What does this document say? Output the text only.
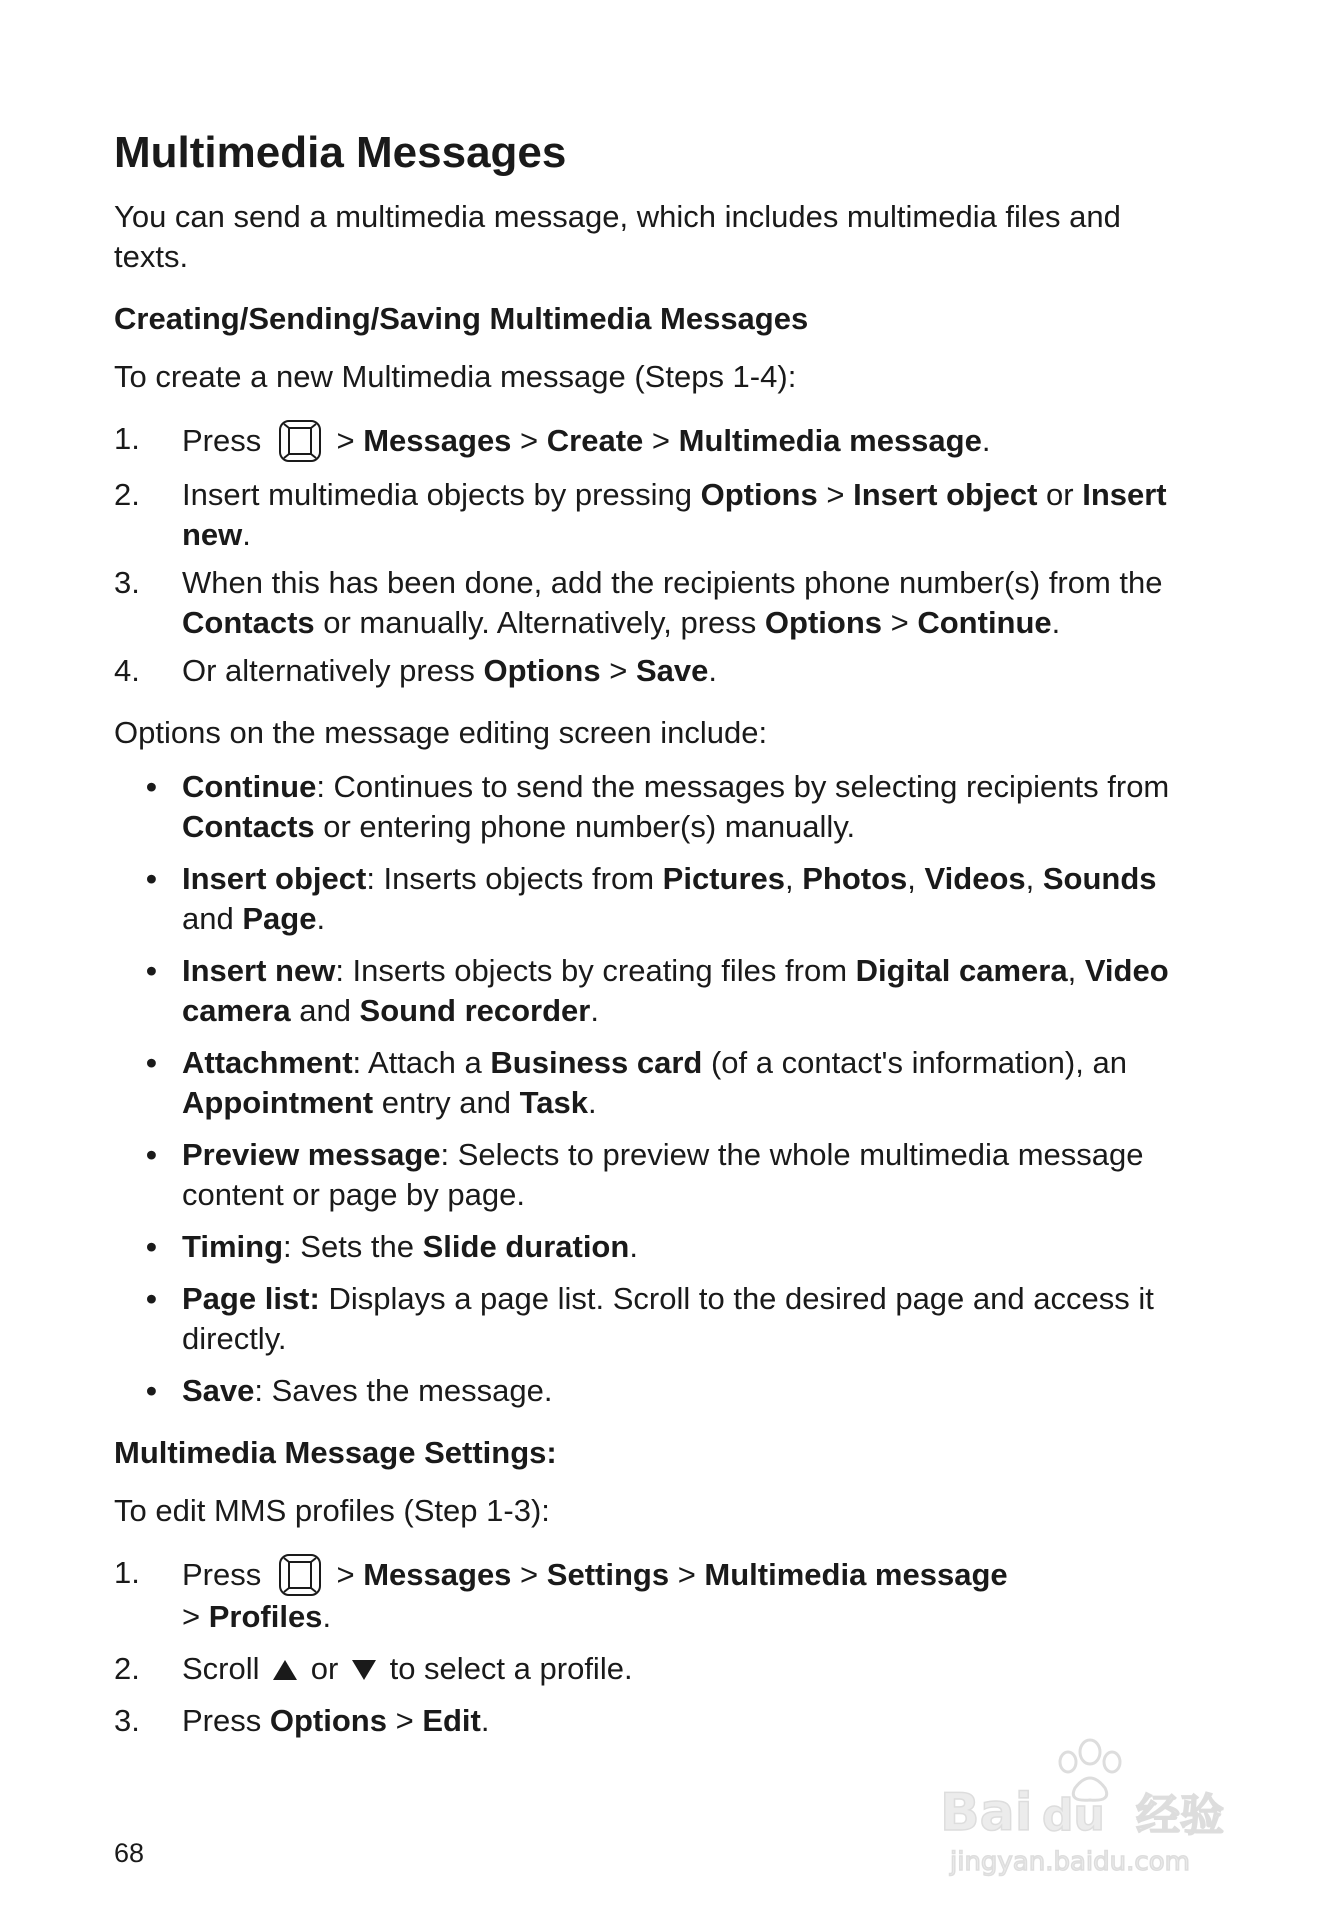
Multimedia Messages

You can send a multimedia message, which includes multimedia files and texts.

Creating/Sending/Saving Multimedia Messages

To create a new Multimedia message (Steps 1-4):

1. Press  > Messages > Create > Multimedia message.
2. Insert multimedia objects by pressing Options > Insert object or Insert new.
3. When this has been done, add the recipients phone number(s) from the Contacts or manually. Alternatively, press Options > Continue.
4. Or alternatively press Options > Save.

Options on the message editing screen include:

• Continue: Continues to send the messages by selecting recipients from Contacts or entering phone number(s) manually.
• Insert object: Inserts objects from Pictures, Photos, Videos, Sounds and Page.
• Insert new: Inserts objects by creating files from Digital camera, Video camera and Sound recorder.
• Attachment: Attach a Business card (of a contact's information), an Appointment entry and Task.
• Preview message: Selects to preview the whole multimedia message content or page by page.
• Timing: Sets the Slide duration.
• Page list: Displays a page list. Scroll to the desired page and access it directly.
• Save: Saves the message.
Multimedia Message Settings:

To edit MMS profiles (Step 1-3):

1. Press  > Messages > Settings > Multimedia message
> Profiles.
2. Scroll or to select a profile.
3. Press Options > Edit.
68
Bai du 经验
jingyan.baidu.com
